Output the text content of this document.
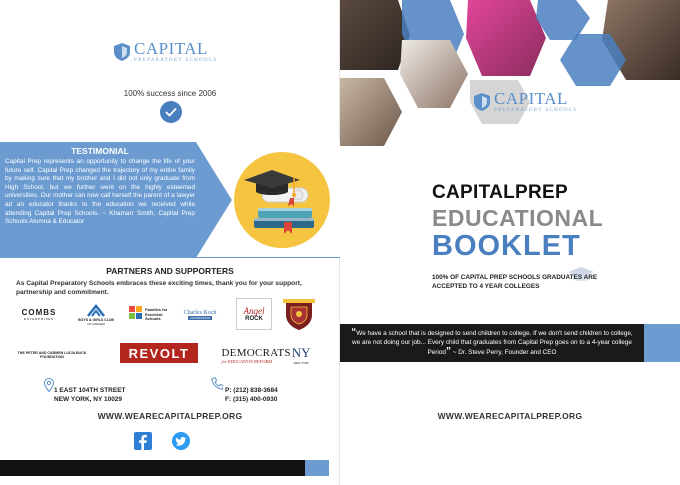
CAPITAL
PREPARATORY SCHOOLS
100% success since 2006
TESTIMONIAL
Capital Prep represents an opportunity to change the life of your future self. Capital Prep changed the trajectory of my entire family by making sure that my brother and I did not only graduate from High School, but we further went on the highly esteemed universities. Our mother can now call herself the parent of a lawyer ad an educator thanks to the education we received while attending Capital Prep Schools. ~ Khamarr Smith, Capital Prep Schools Alumna & Educator
PARTNERS AND SUPPORTERS
As Capital Preparatory Schools embraces these exciting times, thank you for your support, partnership and commitment.
COMBS
ENTERPRISES	BOYS & GIRLS CLUB
OF HARLEM
Families for Excellent Schools
Charles Koch
FOUNDATION
Angel
ROCK
THE PETER AND CARMEN LUCIA BUCK FOUNDATION	REVOLT	DEMOCRATS
for EDUCATION REFORM
NY
NEW YORK
1 EAST 104TH STREET
NEW YORK, NY 10029
P: (212) 838-3684
F: (315) 400-0930
WWW.WEARECAPITALPREP.ORG
CAPITAL
PREPARATORY SCHOOLS
CAPITALPREP
EDUCATIONAL
BOOKLET
100% OF CAPITAL PREP SCHOOLS GRADUATES ARE ACCEPTED TO 4 YEAR COLLEGES
“We have a school that is designed to send children to college. If we don't send children to college, we are not doing our job... Every child that graduates from Capital Prep goes on to a 4-year college Period” ~ Dr. Steve Perry, Founder and CEO
WWW.WEARECAPITALPREP.ORG
